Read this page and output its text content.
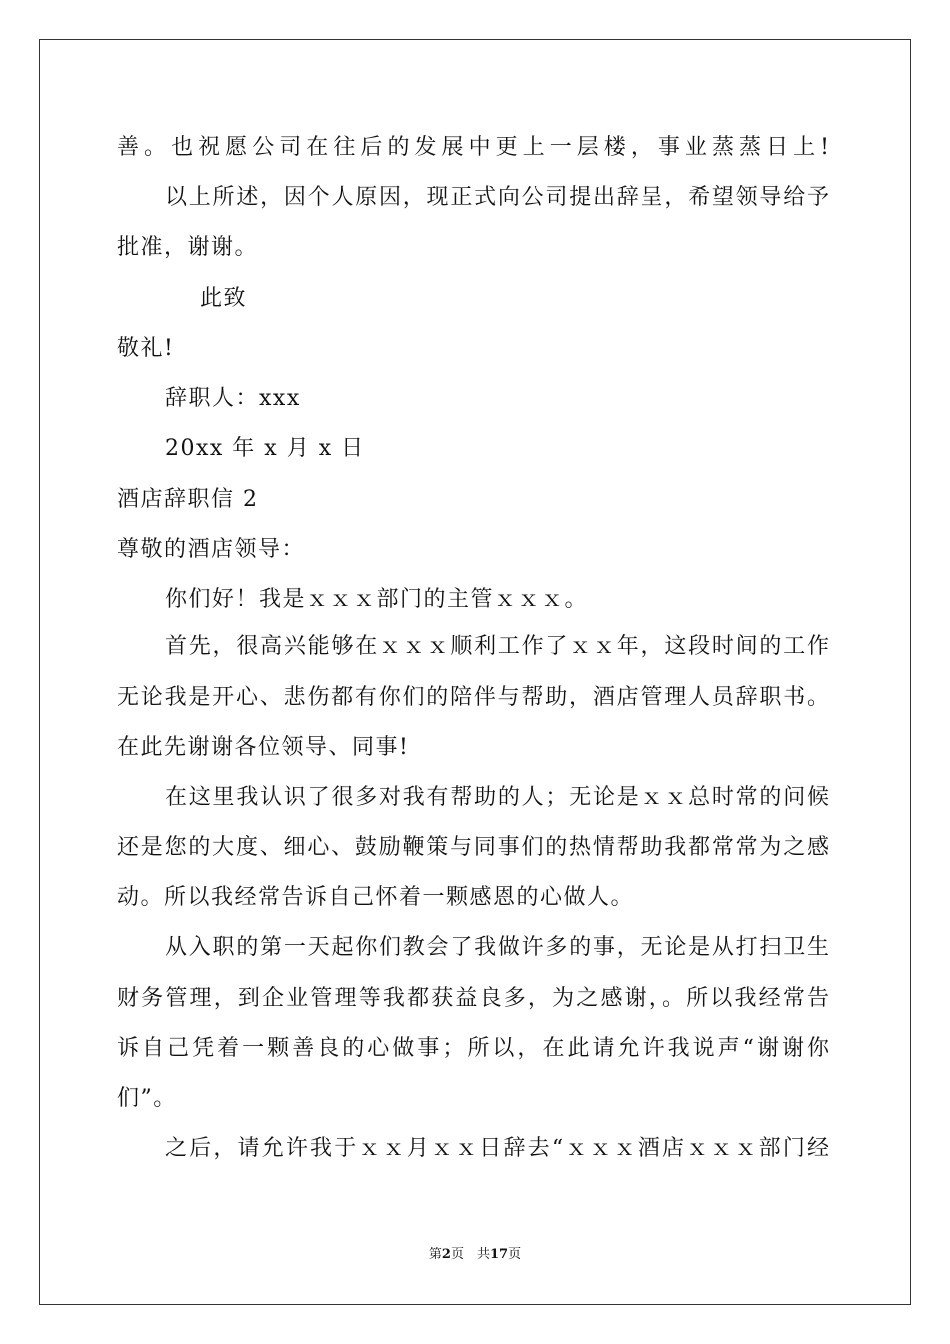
善。也祝愿公司在往后的发展中更上一层楼，事业蒸蒸日上!
以上所述，因个人原因，现正式向公司提出辞呈，希望领导给予
批准，谢谢。
此致
敬礼!
辞职人：xxx
20xx 年 x 月 x 日
酒店辞职信 2
尊敬的酒店领导：
你们好！我是ｘｘｘ部门的主管ｘｘｘ。
首先，很高兴能够在ｘｘｘ顺利工作了ｘｘ年，这段时间的工作
无论我是开心、悲伤都有你们的陪伴与帮助，酒店管理人员辞职书。
在此先谢谢各位领导、同事!
在这里我认识了很多对我有帮助的人；无论是ｘｘ总时常的问候
还是您的大度、细心、鼓励鞭策与同事们的热情帮助我都常常为之感
动。所以我经常告诉自己怀着一颗感恩的心做人。
从入职的第一天起你们教会了我做许多的事，无论是从打扫卫生
财务管理，到企业管理等我都获益良多，为之感谢，。所以我经常告
诉自己凭着一颗善良的心做事；所以，在此请允许我说声“谢谢你
们”。
之后，请允许我于ｘｘ月ｘｘ日辞去“ｘｘｘ酒店ｘｘｘ部门经
第2页　共17页
